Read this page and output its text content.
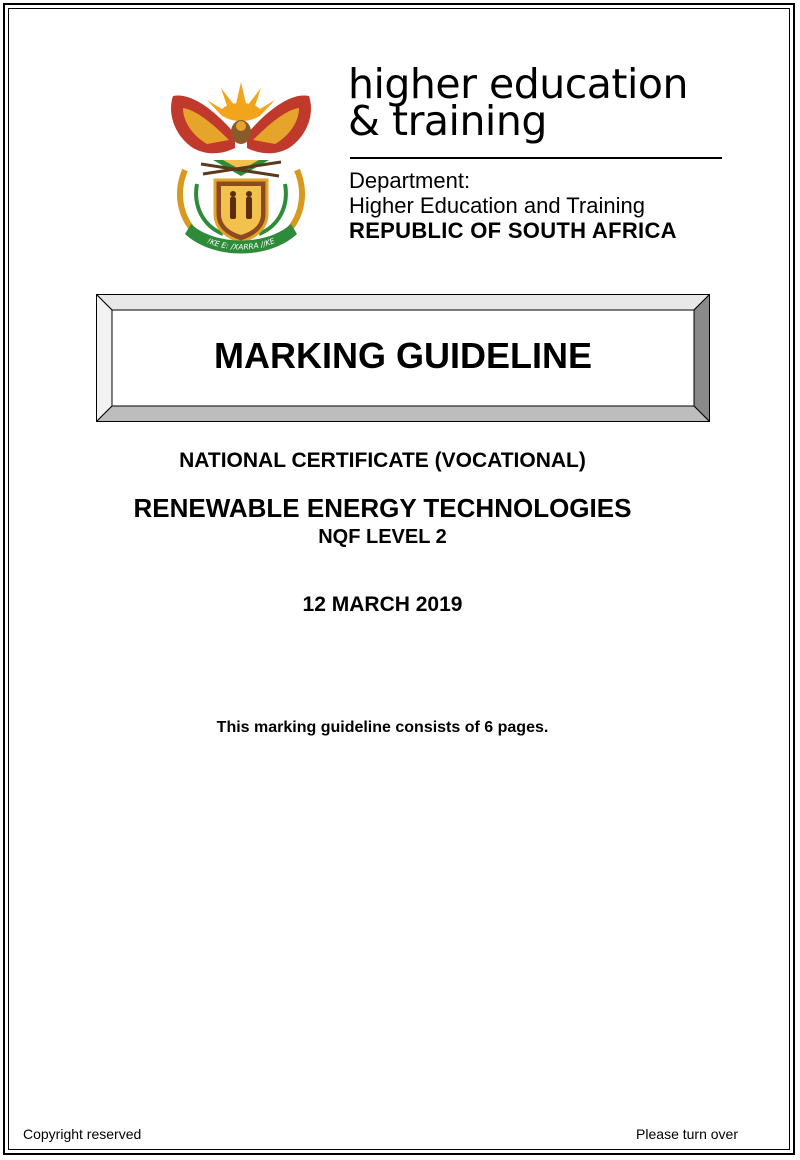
!KE E: /XARRA //KE
higher education
& training
Department:
Higher Education and Training
REPUBLIC OF SOUTH AFRICA
MARKING GUIDELINE
NATIONAL CERTIFICATE (VOCATIONAL)
RENEWABLE ENERGY TECHNOLOGIES
NQF LEVEL 2
12 MARCH 2019
This marking guideline consists of 6 pages.
Copyright reserved	Please turn over
